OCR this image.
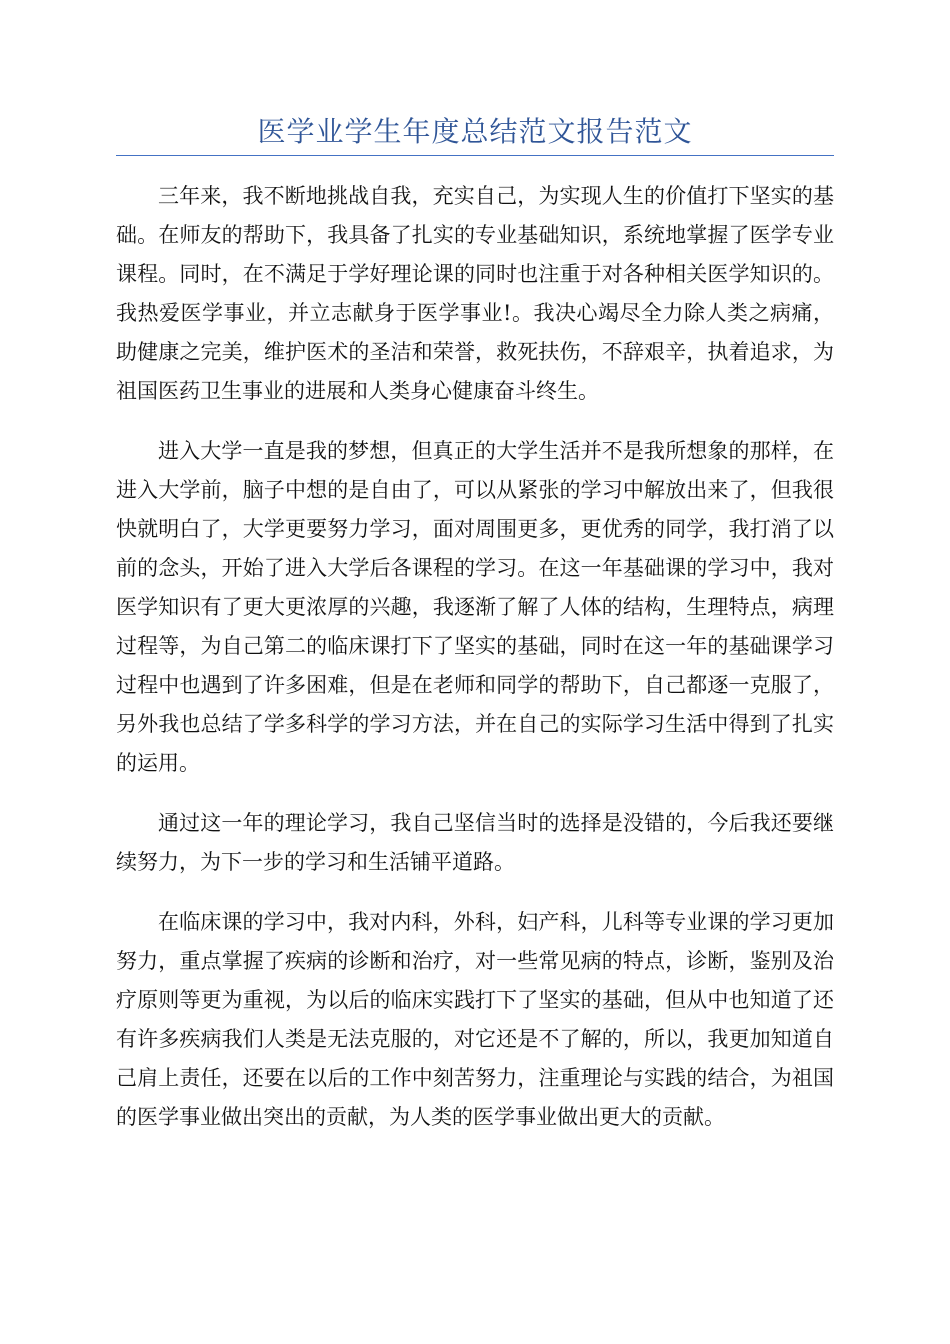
医学业学生年度总结范文报告范文

三年来，我不断地挑战自我，充实自己，为实现人生的价值打下坚实的基础。在师友的帮助下，我具备了扎实的专业基础知识，系统地掌握了医学专业课程。同时，在不满足于学好理论课的同时也注重于对各种相关医学知识的。我热爱医学事业，并立志献身于医学事业!。我决心竭尽全力除人类之病痛，助健康之完美，维护医术的圣洁和荣誉，救死扶伤，不辞艰辛，执着追求，为祖国医药卫生事业的进展和人类身心健康奋斗终生。

进入大学一直是我的梦想，但真正的大学生活并不是我所想象的那样，在进入大学前，脑子中想的是自由了，可以从紧张的学习中解放出来了，但我很快就明白了，大学更要努力学习，面对周围更多，更优秀的同学，我打消了以前的念头，开始了进入大学后各课程的学习。在这一年基础课的学习中，我对医学知识有了更大更浓厚的兴趣，我逐渐了解了人体的结构，生理特点，病理过程等，为自己第二的临床课打下了坚实的基础，同时在这一年的基础课学习过程中也遇到了许多困难，但是在老师和同学的帮助下，自己都逐一克服了，另外我也总结了学多科学的学习方法，并在自己的实际学习生活中得到了扎实的运用。

通过这一年的理论学习，我自己坚信当时的选择是没错的，今后我还要继续努力，为下一步的学习和生活铺平道路。

在临床课的学习中，我对内科，外科，妇产科，儿科等专业课的学习更加努力，重点掌握了疾病的诊断和治疗，对一些常见病的特点，诊断，鉴别及治疗原则等更为重视，为以后的临床实践打下了坚实的基础，但从中也知道了还有许多疾病我们人类是无法克服的，对它还是不了解的，所以，我更加知道自己肩上责任，还要在以后的工作中刻苦努力，注重理论与实践的结合，为祖国的医学事业做出突出的贡献，为人类的医学事业做出更大的贡献。
